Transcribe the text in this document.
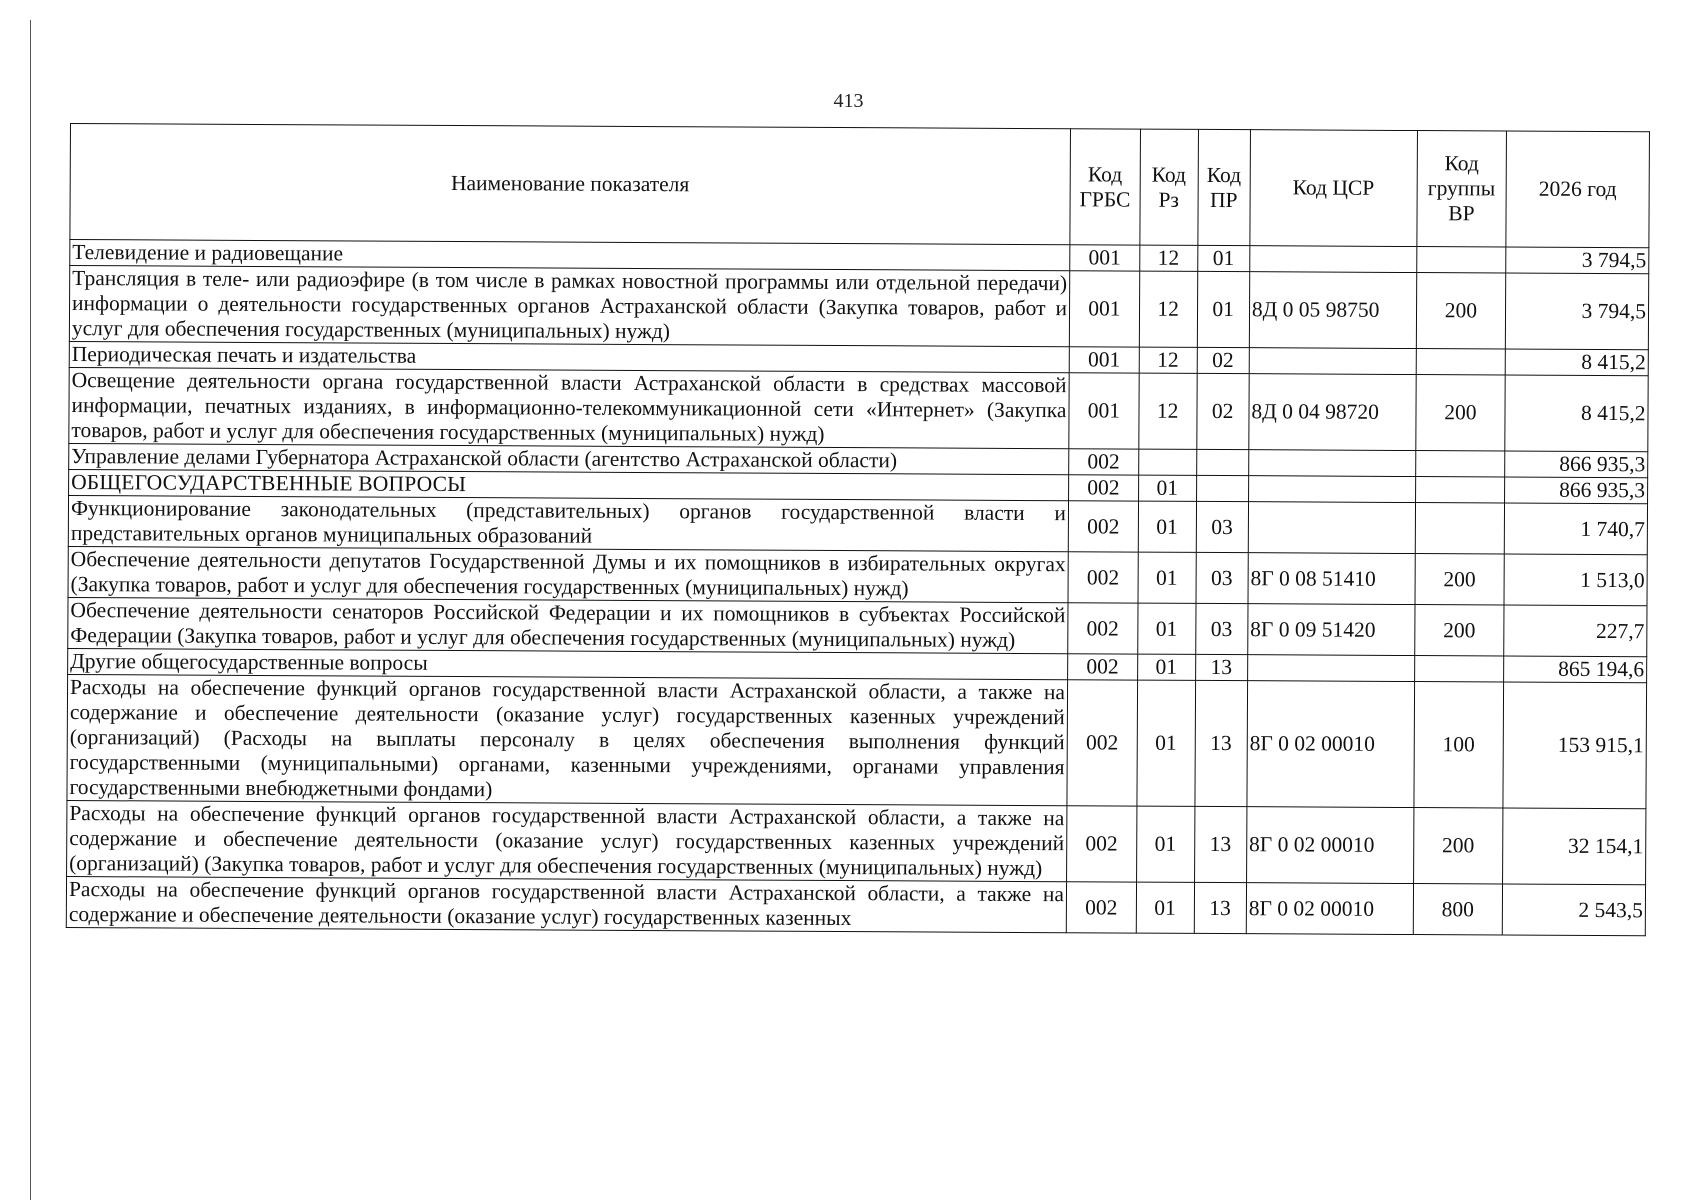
413
Наименование показателя	Код ГРБС	Код Рз	Код ПР	Код ЦСР	Код группы ВР	2026 год
Телевидение и радиовещание	001	12	01			3 794,5
Трансляция в теле- или радиоэфире (в том числе в рамках новостной программы или отдельной передачи) информации о деятельности государственных органов Астраханской области (Закупка товаров, работ и услуг для обеспечения государственных (муниципальных) нужд)	001	12	01	8Д 0 05 98750	200	3 794,5
Периодическая печать и издательства	001	12	02			8 415,2
Освещение деятельности органа государственной власти Астраханской области в средствах массовой информации, печатных изданиях, в информационно-телекоммуникационной сети «Интернет» (Закупка товаров, работ и услуг для обеспечения государственных (муниципальных) нужд)	001	12	02	8Д 0 04 98720	200	8 415,2
Управление делами Губернатора Астраханской области (агентство Астраханской области)	002					866 935,3
ОБЩЕГОСУДАРСТВЕННЫЕ ВОПРОСЫ	002	01				866 935,3
Функционирование законодательных (представительных) органов государственной власти и представительных органов муниципальных образований	002	01	03			1 740,7
Обеспечение деятельности депутатов Государственной Думы и их помощников в избирательных округах (Закупка товаров, работ и услуг для обеспечения государственных (муниципальных) нужд)	002	01	03	8Г 0 08 51410	200	1 513,0
Обеспечение деятельности сенаторов Российской Федерации и их помощников в субъектах Российской Федерации (Закупка товаров, работ и услуг для обеспечения государственных (муниципальных) нужд)	002	01	03	8Г 0 09 51420	200	227,7
Другие общегосударственные вопросы	002	01	13			865 194,6
Расходы на обеспечение функций органов государственной власти Астраханской области, а также на содержание и обеспечение деятельности (оказание услуг) государственных казенных учреждений (организаций) (Расходы на выплаты персоналу в целях обеспечения выполнения функций государственными (муниципальными) органами, казенными учреждениями, органами управления государственными внебюджетными фондами)	002	01	13	8Г 0 02 00010	100	153 915,1
Расходы на обеспечение функций органов государственной власти Астраханской области, а также на содержание и обеспечение деятельности (оказание услуг) государственных казенных учреждений (организаций) (Закупка товаров, работ и услуг для обеспечения государственных (муниципальных) нужд)	002	01	13	8Г 0 02 00010	200	32 154,1
Расходы на обеспечение функций органов государственной власти Астраханской области, а также на содержание и обеспечение деятельности (оказание услуг) государственных казенных	002	01	13	8Г 0 02 00010	800	2 543,5
